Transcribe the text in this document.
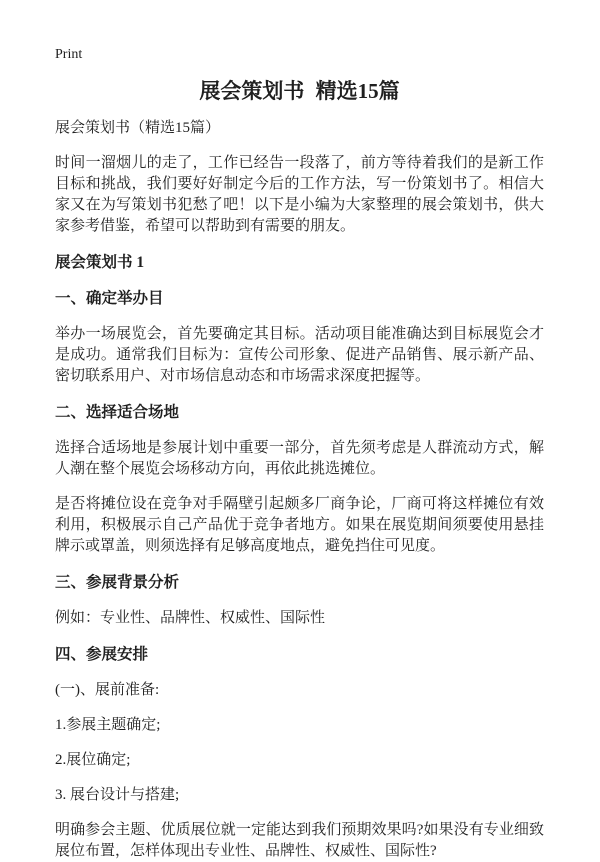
Print
展会策划书 精选15篇

展会策划书（精选15篇）

时间一溜烟儿的走了，工作已经告一段落了，前方等待着我们的是新工作目标和挑战，我们要好好制定今后的工作方法，写一份策划书了。相信大家又在为写策划书犯愁了吧！以下是小编为大家整理的展会策划书，供大家参考借鉴，希望可以帮助到有需要的朋友。

展会策划书 1
一、确定举办目

举办一场展览会，首先要确定其目标。活动项目能准确达到目标展览会才是成功。通常我们目标为：宣传公司形象、促进产品销售、展示新产品、密切联系用户、对市场信息动态和市场需求深度把握等。

二、选择适合场地

选择合适场地是参展计划中重要一部分，首先须考虑是人群流动方式，解人潮在整个展览会场移动方向，再依此挑选摊位。

是否将摊位设在竞争对手隔壁引起颇多厂商争论，厂商可将这样摊位有效利用，积极展示自己产品优于竞争者地方。如果在展览期间须要使用悬挂牌示或罩盖，则须选择有足够高度地点，避免挡住可见度。

三、参展背景分析

例如：专业性、品牌性、权威性、国际性

四、参展安排

(一)、展前准备:

1.参展主题确定;

2.展位确定;

3. 展台设计与搭建;

明确参会主题、优质展位就一定能达到我们预期效果吗?如果没有专业细致展位布置，怎样体现出专业性、品牌性、权威性、国际性?
